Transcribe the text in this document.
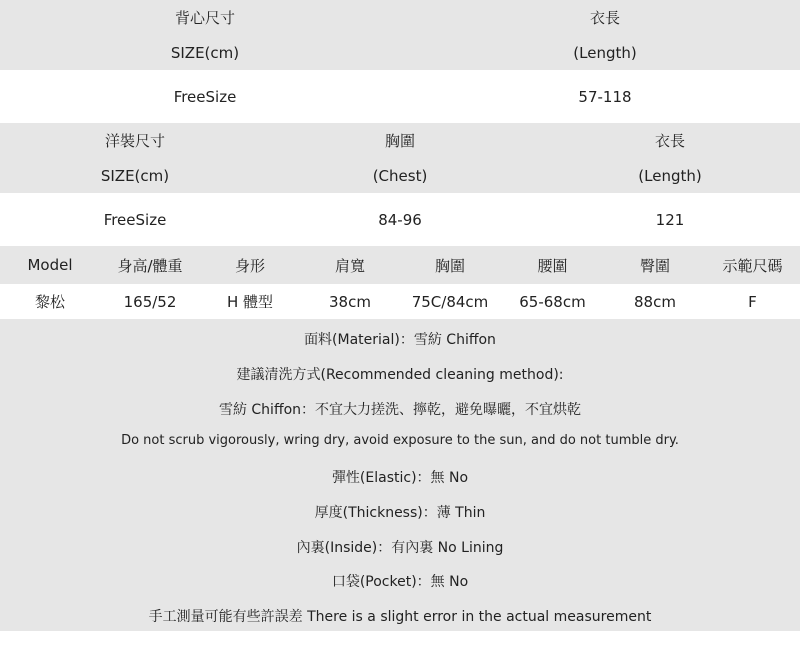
背心尺寸	衣長
SIZE(cm)	(Length)
FreeSize	57-118
洋裝尺寸	胸圍	衣長
SIZE(cm)	(Chest)	(Length)
FreeSize	84-96	121
Model	身高/體重	身形	肩寬	胸圍	腰圍	臀圍	示範尺碼
黎松	165/52	H 體型	38cm	75C/84cm	65-68cm	88cm	F
面料(Material)：雪紡 Chiffon
建議清洗方式(Recommended cleaning method):
雪紡 Chiffon：不宜大力搓洗、擰乾，避免曝曬，不宜烘乾
Do not scrub vigorously, wring dry, avoid exposure to the sun, and do not tumble dry.
彈性(Elastic)：無 No
厚度(Thickness)：薄 Thin
內裏(Inside)：有內裏 No Lining
口袋(Pocket)：無 No
手工測量可能有些許誤差 There is a slight error in the actual measurement
